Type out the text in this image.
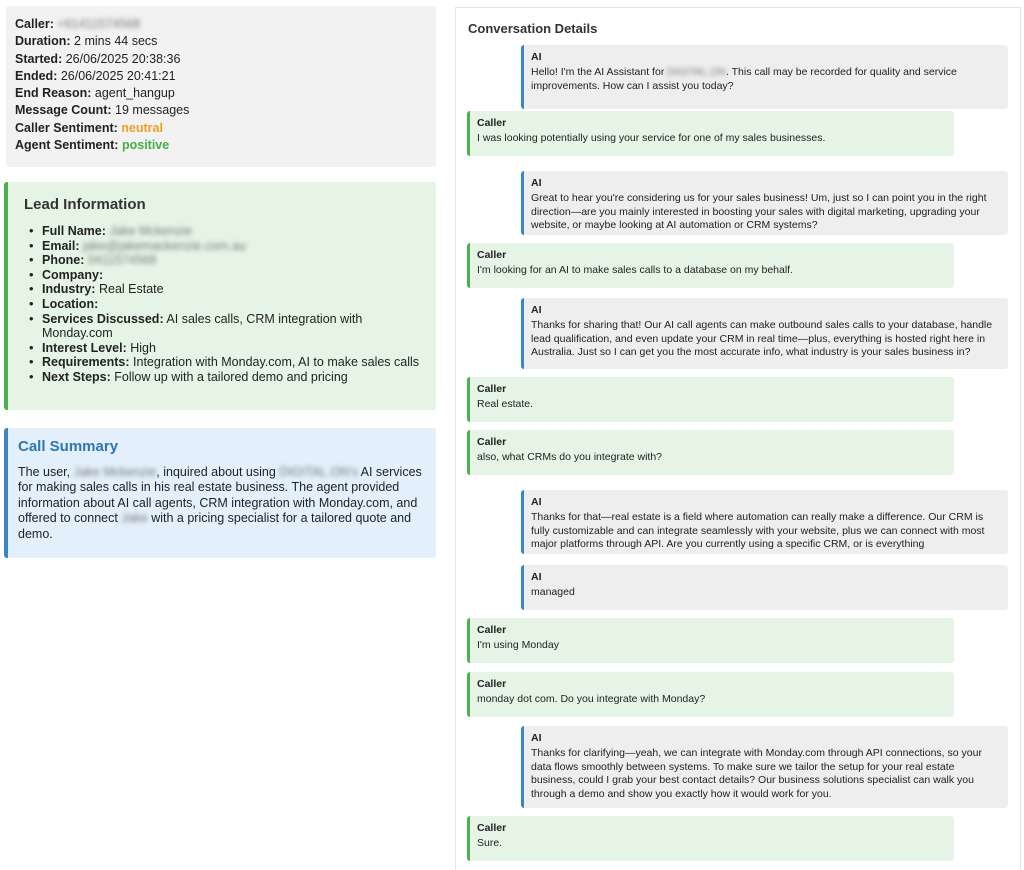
Caller: +61411574568
Duration: 2 mins 44 secs
Started: 26/06/2025 20:38:36
Ended: 26/06/2025 20:41:21
End Reason: agent_hangup
Message Count: 19 messages
Caller Sentiment: neutral
Agent Sentiment: positive
Lead Information
• Full Name: Jake Mckenzie
• Email: jake@jakemackenzie.com.au
• Phone: 0411574568
• Company:
• Industry: Real Estate
• Location:
• Services Discussed: AI sales calls, CRM integration with Monday.com
• Interest Level: High
• Requirements: Integration with Monday.com, AI to make sales calls
• Next Steps: Follow up with a tailored demo and pricing
Call Summary
The user, Jake Mckenzie, inquired about using DIGITAL.ON's AI services for making sales calls in his real estate business. The agent provided information about AI call agents, CRM integration with Monday.com, and offered to connect Jake with a pricing specialist for a tailored quote and demo.
Conversation Details
AI
Hello! I'm the AI Assistant for DIGITAL.ON. This call may be recorded for quality and service improvements. How can I assist you today?
Caller
I was looking potentially using your service for one of my sales businesses.
AI
Great to hear you're considering us for your sales business! Um, just so I can point you in the right direction—are you mainly interested in boosting your sales with digital marketing, upgrading your website, or maybe looking at AI automation or CRM systems?
Caller
I'm looking for an AI to make sales calls to a database on my behalf.
AI
Thanks for sharing that! Our AI call agents can make outbound sales calls to your database, handle lead qualification, and even update your CRM in real time—plus, everything is hosted right here in Australia. Just so I can get you the most accurate info, what industry is your sales business in?
Caller
Real estate.
Caller
also, what CRMs do you integrate with?
AI
Thanks for that—real estate is a field where automation can really make a difference. Our CRM is fully customizable and can integrate seamlessly with your website, plus we can connect with most major platforms through API. Are you currently using a specific CRM, or is everything
AI
managed
Caller
I'm using Monday
Caller
monday dot com. Do you integrate with Monday?
AI
Thanks for clarifying—yeah, we can integrate with Monday.com through API connections, so your data flows smoothly between systems. To make sure we tailor the setup for your real estate business, could I grab your best contact details? Our business solutions specialist can walk you through a demo and show you exactly how it would work for you.
Caller
Sure.
